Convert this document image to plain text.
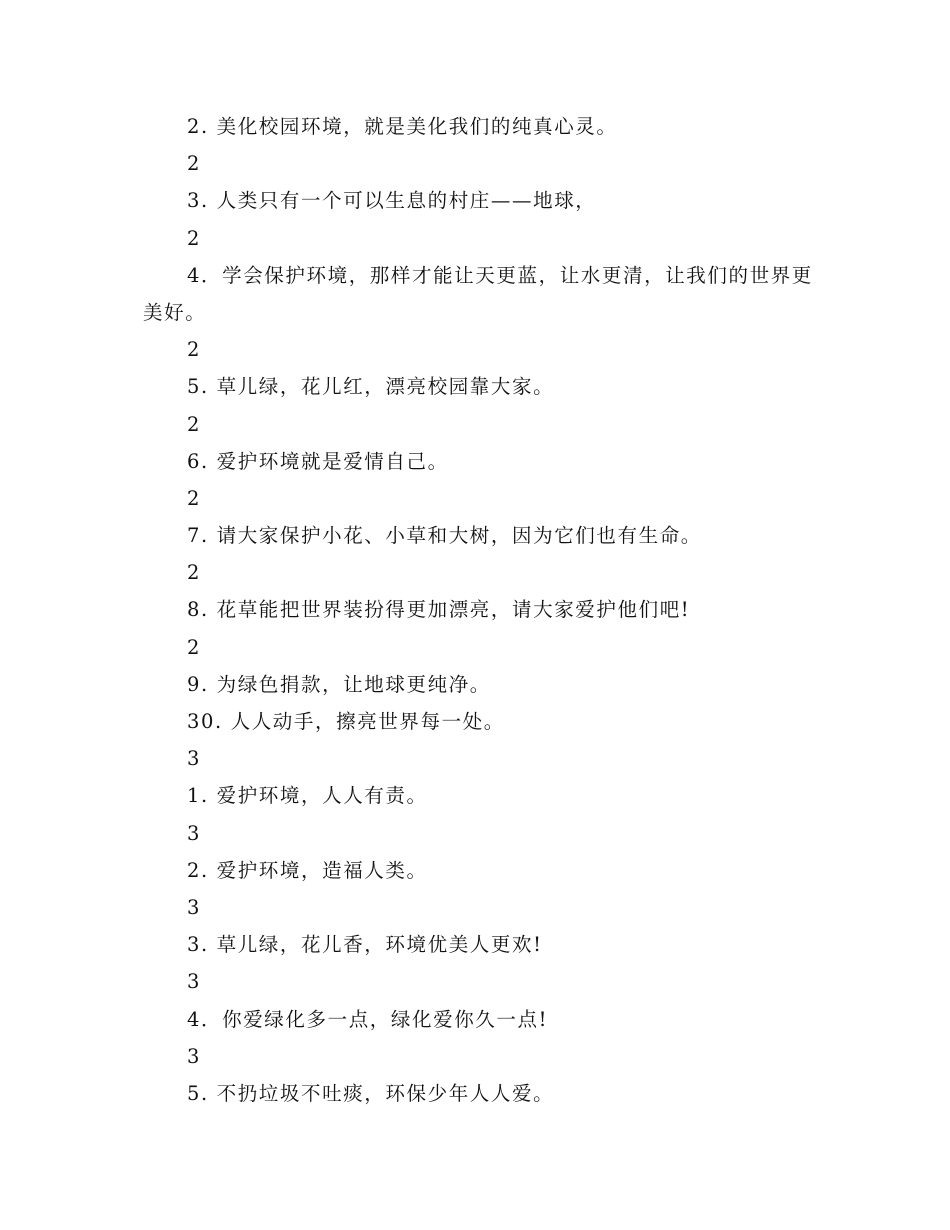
2. 美化校园环境，就是美化我们的纯真心灵。
2
3. 人类只有一个可以生息的村庄——地球，
2
4．学会保护环境，那样才能让天更蓝，让水更清，让我们的世界更美好。
2
5. 草儿绿，花儿红，漂亮校园靠大家。
2
6. 爱护环境就是爱情自己。
2
7. 请大家保护小花、小草和大树，因为它们也有生命。
2
8. 花草能把世界装扮得更加漂亮，请大家爱护他们吧!
2
9. 为绿色捐款，让地球更纯净。
30. 人人动手，擦亮世界每一处。
3
1. 爱护环境，人人有责。
3
2. 爱护环境，造福人类。
3
3. 草儿绿，花儿香，环境优美人更欢!
3
4．你爱绿化多一点，绿化爱你久一点!
3
5. 不扔垃圾不吐痰，环保少年人人爱。
